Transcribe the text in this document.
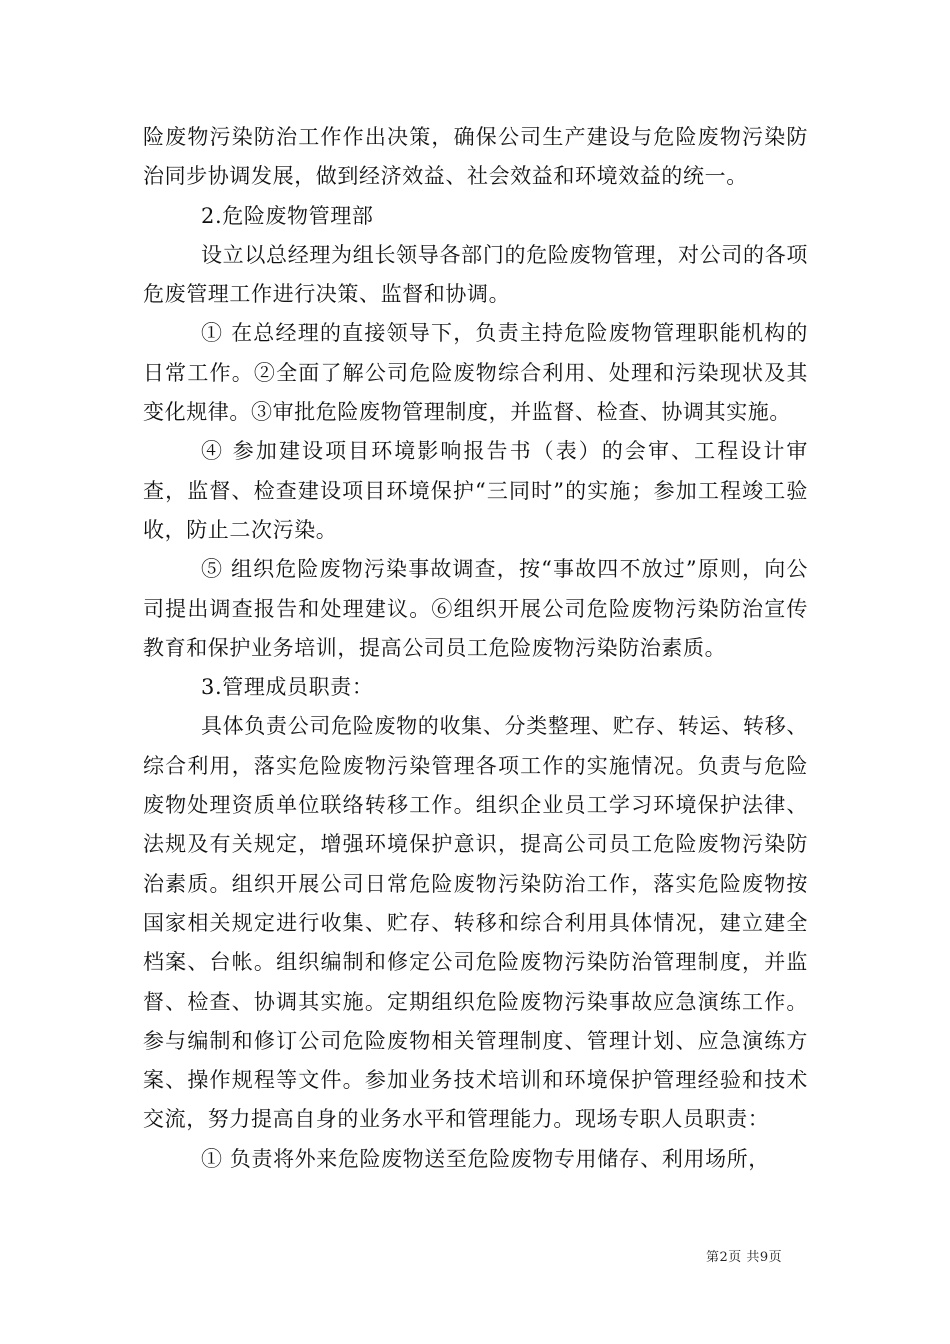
险废物污染防治工作作出决策，确保公司生产建设与危险废物污染防治同步协调发展，做到经济效益、社会效益和环境效益的统一。

2.危险废物管理部

设立以总经理为组长领导各部门的危险废物管理，对公司的各项危废管理工作进行决策、监督和协调。

① 在总经理的直接领导下，负责主持危险废物管理职能机构的日常工作。②全面了解公司危险废物综合利用、处理和污染现状及其变化规律。③审批危险废物管理制度，并监督、检查、协调其实施。

④ 参加建设项目环境影响报告书（表）的会审、工程设计审查，监督、检查建设项目环境保护“三同时”的实施；参加工程竣工验收，防止二次污染。

⑤ 组织危险废物污染事故调查，按“事故四不放过”原则，向公司提出调查报告和处理建议。⑥组织开展公司危险废物污染防治宣传教育和保护业务培训，提高公司员工危险废物污染防治素质。

3.管理成员职责：

具体负责公司危险废物的收集、分类整理、贮存、转运、转移、综合利用，落实危险废物污染管理各项工作的实施情况。负责与危险废物处理资质单位联络转移工作。组织企业员工学习环境保护法律、法规及有关规定，增强环境保护意识，提高公司员工危险废物污染防治素质。组织开展公司日常危险废物污染防治工作，落实危险废物按国家相关规定进行收集、贮存、转移和综合利用具体情况，建立建全档案、台帐。组织编制和修定公司危险废物污染防治管理制度，并监督、检查、协调其实施。定期组织危险废物污染事故应急演练工作。参与编制和修订公司危险废物相关管理制度、管理计划、应急演练方案、操作规程等文件。参加业务技术培训和环境保护管理经验和技术交流，努力提高自身的业务水平和管理能力。现场专职人员职责：

① 负责将外来危险废物送至危险废物专用储存、利用场所，

第2页 共9页
